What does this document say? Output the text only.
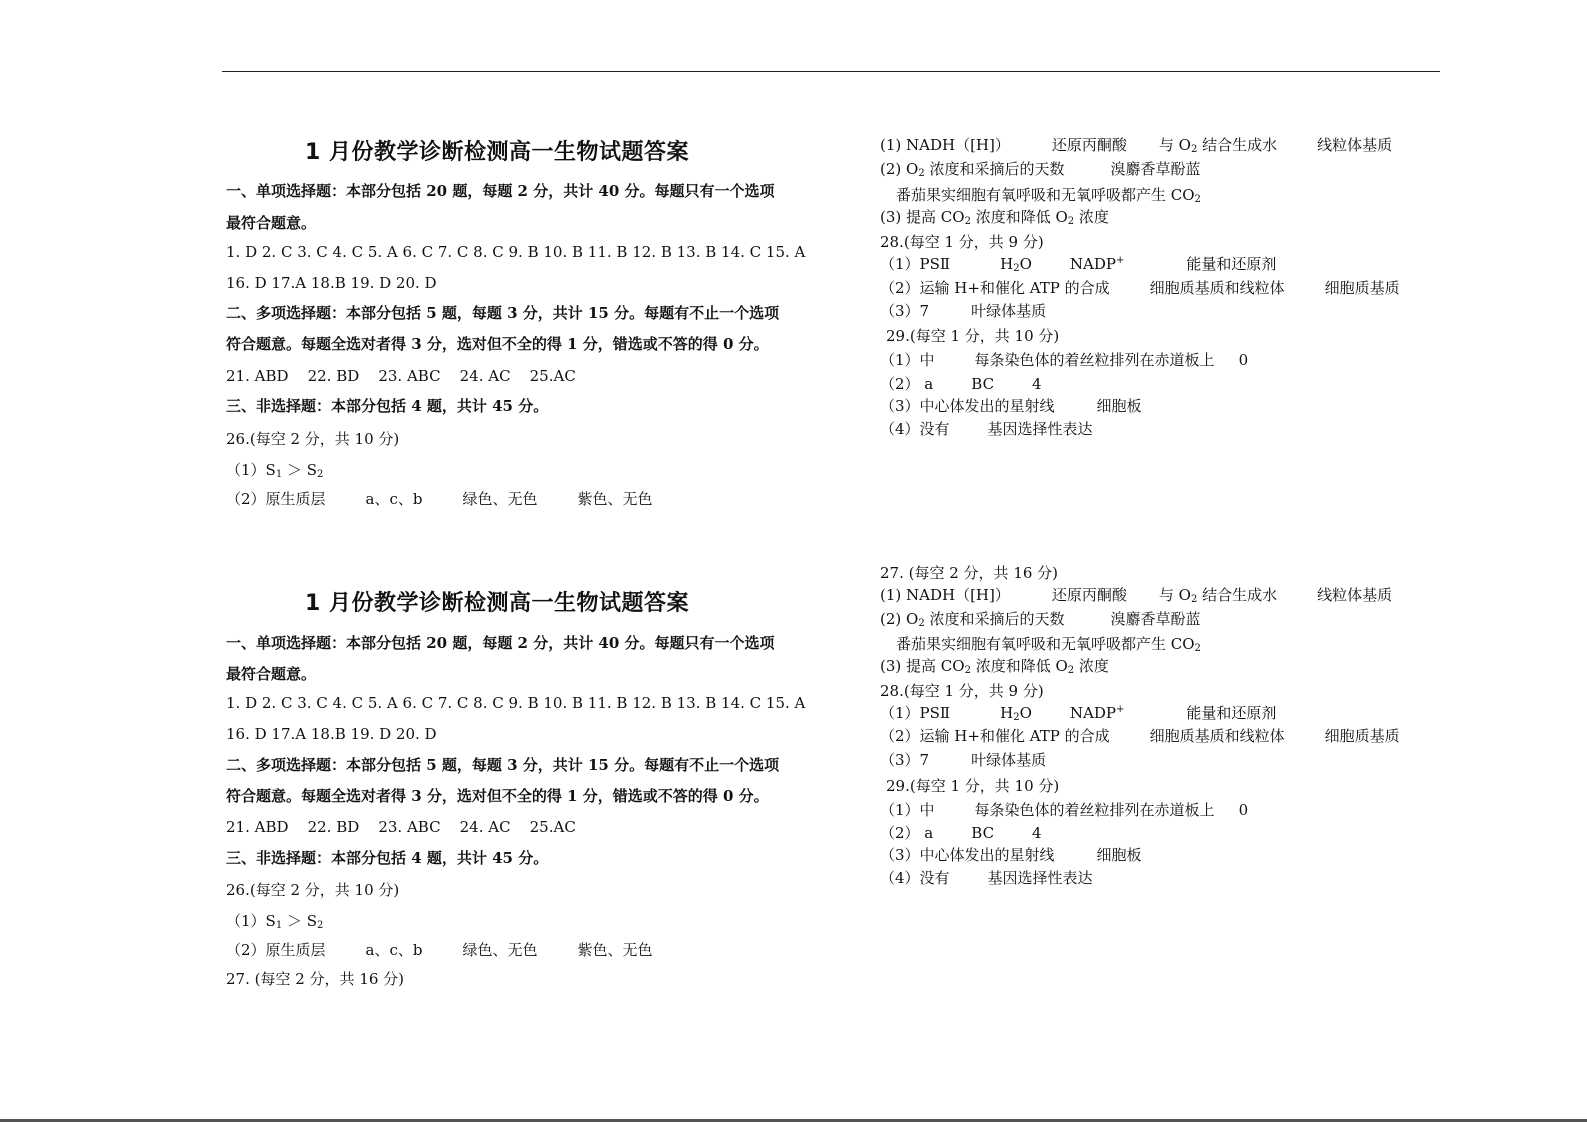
1 月份教学诊断检测高一生物试题答案
一、单项选择题：本部分包括 20 题，每题 2 分，共计 40 分。每题只有一个选项
最符合题意。
1. D 2. C 3. C 4. C 5. A 6. C 7. C 8. C 9. B 10. B 11. B 12. B 13. B 14. C 15. A
16. D 17.A 18.B 19. D 20. D
二、多项选择题：本部分包括 5 题，每题 3 分，共计 15 分。每题有不止一个选项
符合题意。每题全选对者得 3 分，选对但不全的得 1 分，错选或不答的得 0 分。
21. ABD    22. BD    23. ABC    24. AC    25.AC
三、非选择题：本部分包括 4 题，共计 45 分。
26.(每空 2 分，共 10 分)
$(1)S_1 > S_2$
（2）原生质层	a、c、b	绿色、无色	紫色、无色
(1) NADH（[H]）	还原丙酮酸 与 $O_2$ 结合生成水	线粒体基质
(2) $O_2$ 浓度和采摘后的天数	溴麝香草酚蓝
番茄果实细胞有氧呼吸和无氧呼吸都产生 $CO_2$
(3) 提高 $CO_2$ 浓度和降低 $O_2$ 浓度
28.(每空 1 分，共 9 分)
（1）PSⅡ	$H_2O$	NADP+	能量和还原剂
（2）运输 H+和催化 ATP 的合成	细胞质基质和线粒体	细胞质基质
（3）7	叶绿体基质
29.(每空 1 分，共 10 分)
（1）中	每条染色体的着丝粒排列在赤道板上 0
（2） a	BC	4
（3）中心体发出的星射线	细胞板
（4）没有	基因选择性表达
1 月份教学诊断检测高一生物试题答案
一、单项选择题：本部分包括 20 题，每题 2 分，共计 40 分。每题只有一个选项
最符合题意。
1. D 2. C 3. C 4. C 5. A 6. C 7. C 8. C 9. B 10. B 11. B 12. B 13. B 14. C 15. A
16. D 17.A 18.B 19. D 20. D
二、多项选择题：本部分包括 5 题，每题 3 分，共计 15 分。每题有不止一个选项
符合题意。每题全选对者得 3 分，选对但不全的得 1 分，错选或不答的得 0 分。
21. ABD    22. BD    23. ABC    24. AC    25.AC
三、非选择题：本部分包括 4 题，共计 45 分。
26.(每空 2 分，共 10 分)
$(1)S_1 > S_2$
（2）原生质层	a、c、b	绿色、无色	紫色、无色
27. (每空 2 分，共 16 分)
27. (每空 2 分，共 16 分)
(1) NADH（[H]）	还原丙酮酸 与 $O_2$ 结合生成水	线粒体基质
(2) $O_2$ 浓度和采摘后的天数	溴麝香草酚蓝
番茄果实细胞有氧呼吸和无氧呼吸都产生 $CO_2$
(3) 提高 $CO_2$ 浓度和降低 $O_2$ 浓度
28.(每空 1 分，共 9 分)
（1）PSⅡ	$H_2O$	NADP+	能量和还原剂
（2）运输 H+和催化 ATP 的合成	细胞质基质和线粒体	细胞质基质
（3）7	叶绿体基质
29.(每空 1 分，共 10 分)
（1）中	每条染色体的着丝粒排列在赤道板上 0
（2） a	BC	4
（3）中心体发出的星射线	细胞板
（4）没有	基因选择性表达
